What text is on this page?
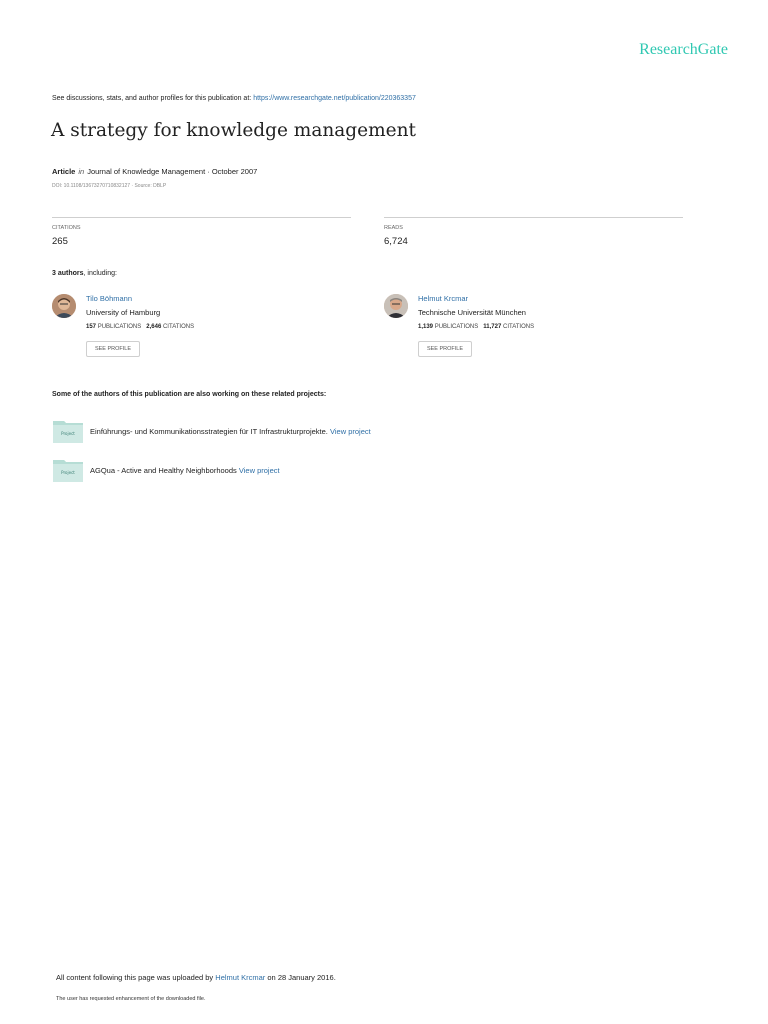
ResearchGate
See discussions, stats, and author profiles for this publication at: https://www.researchgate.net/publication/220363357
A strategy for knowledge management
Article in Journal of Knowledge Management · October 2007
DOI: 10.1108/13673270710832127 · Source: DBLP
CITATIONS
265
READS
6,724
3 authors, including:
Tilo Böhmann
University of Hamburg
157 PUBLICATIONS 2,646 CITATIONS
SEE PROFILE
Helmut Krcmar
Technische Universität München
1,139 PUBLICATIONS 11,727 CITATIONS
SEE PROFILE
Some of the authors of this publication are also working on these related projects:
Project Einführungs- und Kommunikationsstrategien für IT Infrastrukturprojekte. View project
Project AGQua - Active and Healthy Neighborhoods View project
All content following this page was uploaded by Helmut Krcmar on 28 January 2016.
The user has requested enhancement of the downloaded file.
